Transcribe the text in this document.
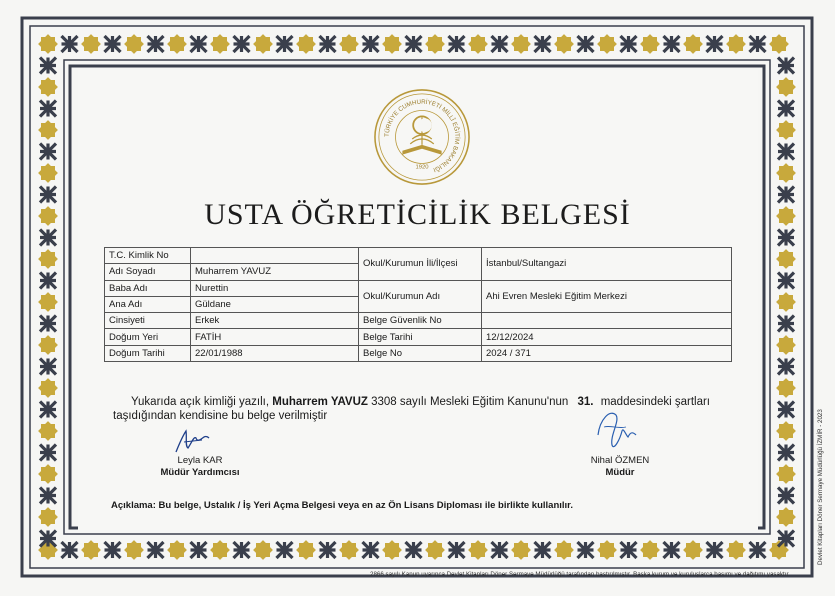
TÜRKİYE CUMHURİYETİ MİLLÎ EĞİTİM BAKANLIĞI
1920
USTA ÖĞRETİCİLİK BELGESİ
T.C. Kimlik No		Okul/Kurumun İli/İlçesi	İstanbul/Sultangazi
Adı Soyadı	Muharrem YAVUZ		
Baba Adı	Nurettin	Okul/Kurumun Adı	Ahi Evren Mesleki Eğitim Merkezi
Ana Adı	Güldane		
Cinsiyeti	Erkek	Belge Güvenlik No	
Doğum Yeri	FATİH	Belge Tarihi	12/12/2024
Doğum Tarihi	22/01/1988	Belge No	2024 / 371
Yukarıda açık kimliği yazılı, Muharrem YAVUZ 3308 sayılı Mesleki Eğitim Kanunu'nun 31. maddesindeki şartları
taşıdığından kendisine bu belge verilmiştir
Leyla KAR
Müdür Yardımcısı
Nihal ÖZMEN
Müdür
Açıklama: Bu belge, Ustalık / İş Yeri Açma Belgesi veya en az Ön Lisans Diploması ile birlikte kullanılır.
2866 sayılı Kanun uyarınca Devlet Kitapları Döner Sermaye Müdürlüğü tarafından bastırılmıştır. Başka kurum ve kuruluşlarca basımı ve dağıtımı yasaktır.
Devlet Kitapları Döner Sermaye Müdürlüğü İZMİR - 2023
